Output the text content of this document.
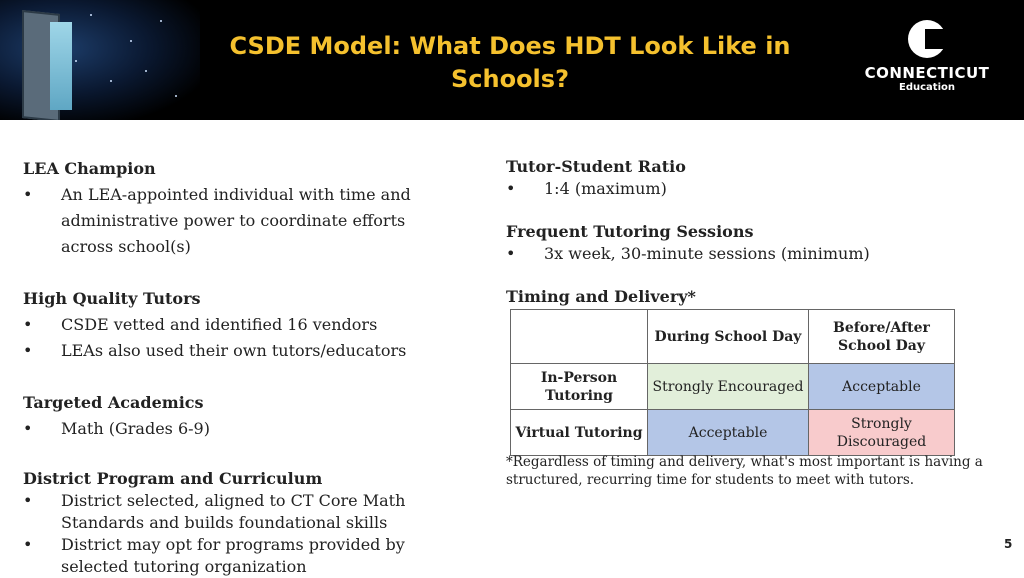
CSDE Model: What Does HDT Look Like in Schools?	CONNECTICUT
Education
LEA Champion
• An LEA-appointed individual with time and administrative power to coordinate efforts across school(s)
High Quality Tutors
• CSDE vetted and identified 16 vendors
• LEAs also used their own tutors/educators
Targeted Academics
• Math (Grades 6-9)
District Program and Curriculum
• District selected, aligned to CT Core Math Standards and builds foundational skills
• District may opt for programs provided by selected tutoring organization
Tutor-Student Ratio
• 1:4 (maximum)
Frequent Tutoring Sessions
• 3x week, 30-minute sessions (minimum)
Timing and Delivery*
	During School Day	Before/After School Day
In-Person Tutoring	Strongly Encouraged	Acceptable
Virtual Tutoring	Acceptable	Strongly Discouraged
*Regardless of timing and delivery, what's most important is having a structured, recurring time for students to meet with tutors.
5
